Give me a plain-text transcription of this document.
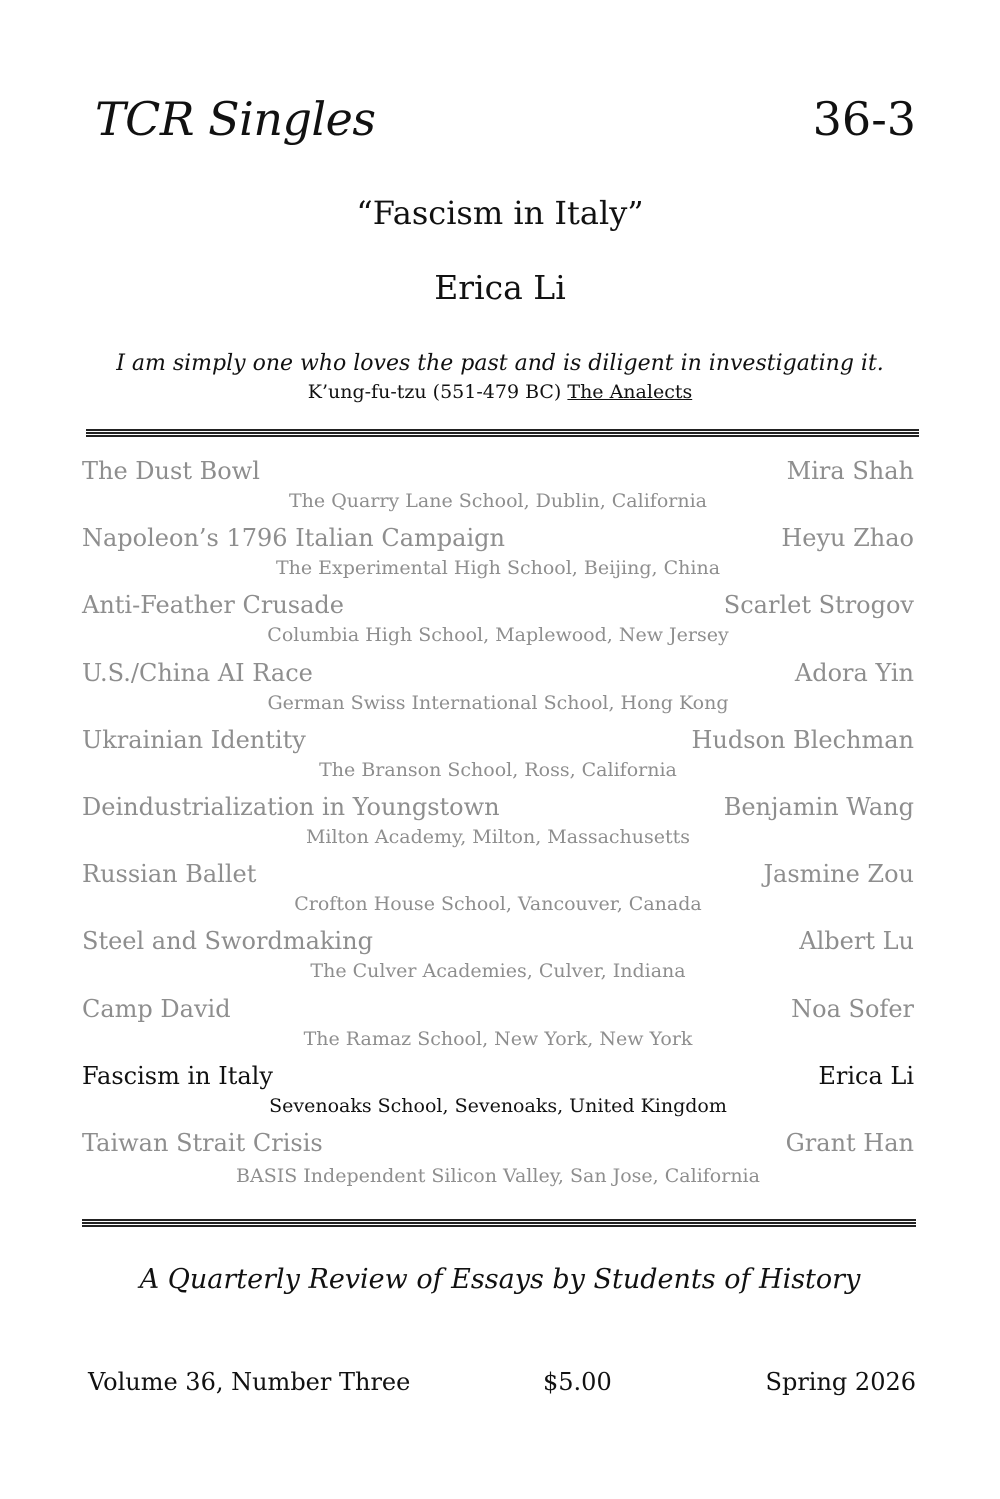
TCR Singles	36-3
“Fascism in Italy”
Erica Li
I am simply one who loves the past and is diligent in investigating it.
K’ung-fu-tzu (551-479 BC) The Analects
The Dust Bowl	Mira Shah
The Quarry Lane School, Dublin, California
Napoleon’s 1796 Italian Campaign	Heyu Zhao
The Experimental High School, Beijing, China
Anti-Feather Crusade	Scarlet Strogov
Columbia High School, Maplewood, New Jersey
U.S./China AI Race	Adora Yin
German Swiss International School, Hong Kong
Ukrainian Identity	Hudson Blechman
The Branson School, Ross, California
Deindustrialization in Youngstown	Benjamin Wang
Milton Academy, Milton, Massachusetts
Russian Ballet	Jasmine Zou
Crofton House School, Vancouver, Canada
Steel and Swordmaking	Albert Lu
The Culver Academies, Culver, Indiana
Camp David	Noa Sofer
The Ramaz School, New York, New York
Fascism in Italy	Erica Li
Sevenoaks School, Sevenoaks, United Kingdom
Taiwan Strait Crisis	Grant Han
BASIS Independent Silicon Valley, San Jose, California
A Quarterly Review of Essays by Students of History
Volume 36, Number Three	$5.00	Spring 2026
